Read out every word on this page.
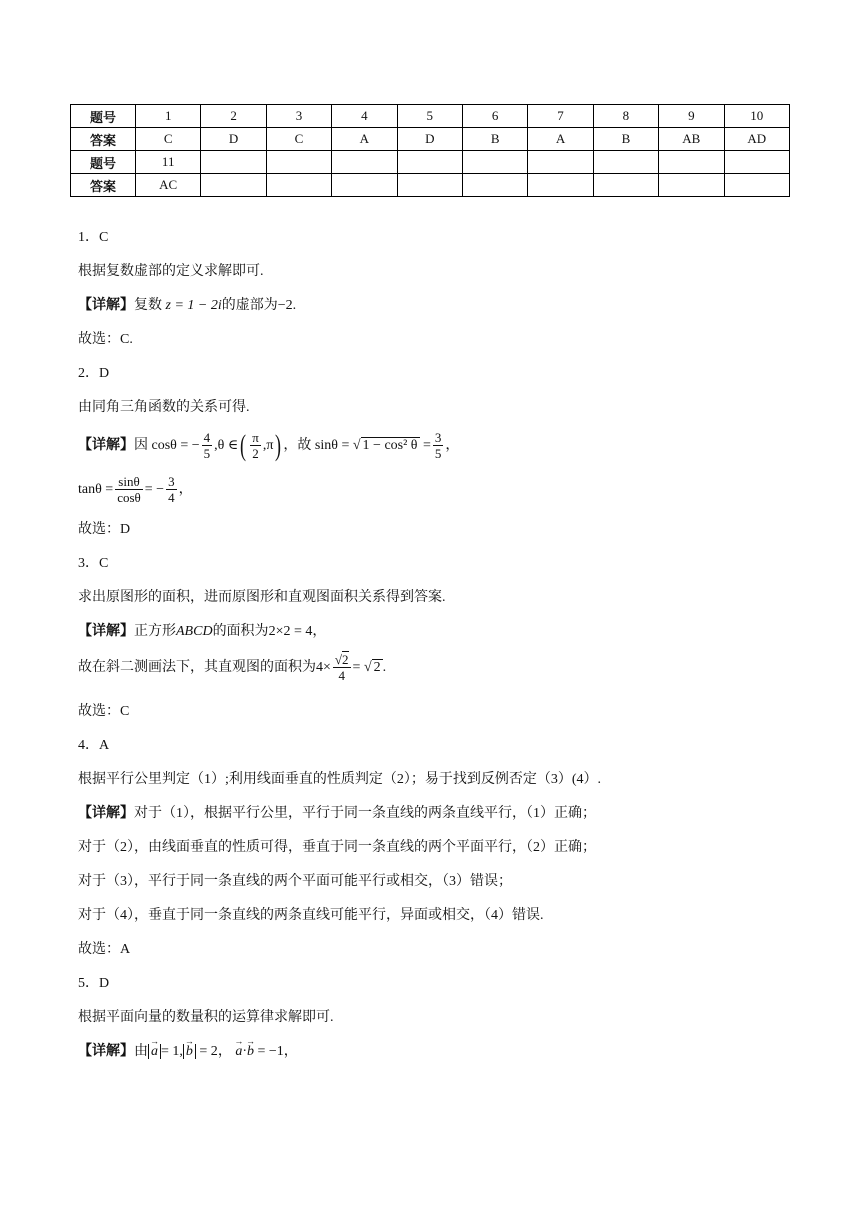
题号	1	2	3	4	5	6	7	8	9	10
答案	C	D	C	A	D	B	A	B	AB	AD
题号	11									
答案	AC									
1．C
根据复数虚部的定义求解即可.
【详解】复数 z = 1 − 2i的虚部为−2.
故选：C.
2．D
由同角三角函数的关系可得.
【详解】因 cosθ = − $\frac{4}{5} ,\theta$ ∈( $\frac{\pi}{2} ,\pi$) ，故 sinθ = √ 1 − cos² $\theta = \frac{3}{5}$ ，
$\tan\theta = \frac{\sin\theta}{\cos\theta}$ = − $\frac{3}{4}$ ，
故选：D
3．C
求出原图形的面积，进而原图形和直观图面积关系得到答案.
【详解】正方形ABCD的面积为2×2 = 4，
故在斜二测画法下，其直观图的面积为$4\times \frac{√2}{4}$ = √ 2 .
故选：C
4．A
根据平行公里判定（1）;利用线面垂直的性质判定（2）；易于找到反例否定（3）(4）.
【详解】对于（1），根据平行公里，平行于同一条直线的两条直线平行，（1）正确；
对于（2），由线面垂直的性质可得，垂直于同一条直线的两个平面平行，（2）正确；
对于（3），平行于同一条直线的两个平面可能平行或相交，（3）错误；
对于（4），垂直于同一条直线的两条直线可能平行，异面或相交，（4）错误.
故选：A
5．D
根据平面向量的数量积的运算律求解即可.
【详解】由 → a = 1, → b = 2， → a·→ b = −1，
